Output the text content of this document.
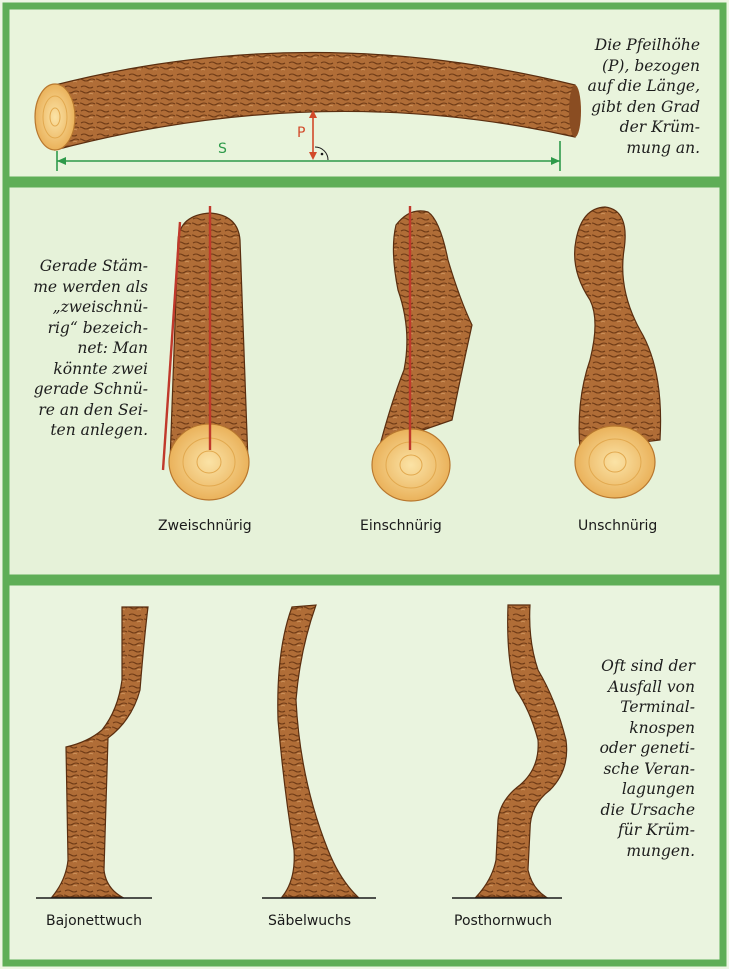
S
P
Die Pfeilhöhe
(P), bezogen
auf die Länge,
gibt den Grad
der Krüm-
mung an.
Gerade Stäm-
me werden als
„zweischnü-
rig“ bezeich-
net: Man
könnte zwei
gerade Schnü-
re an den Sei-
ten anlegen.
Zweischnürig	Einschnürig	Unschnürig
Oft sind der
Ausfall von
Terminal-
knospen
oder geneti-
sche Veran-
lagungen
die Ursache
für Krüm-
mungen.
Bajonettwuch	Säbelwuchs	Posthornwuch
